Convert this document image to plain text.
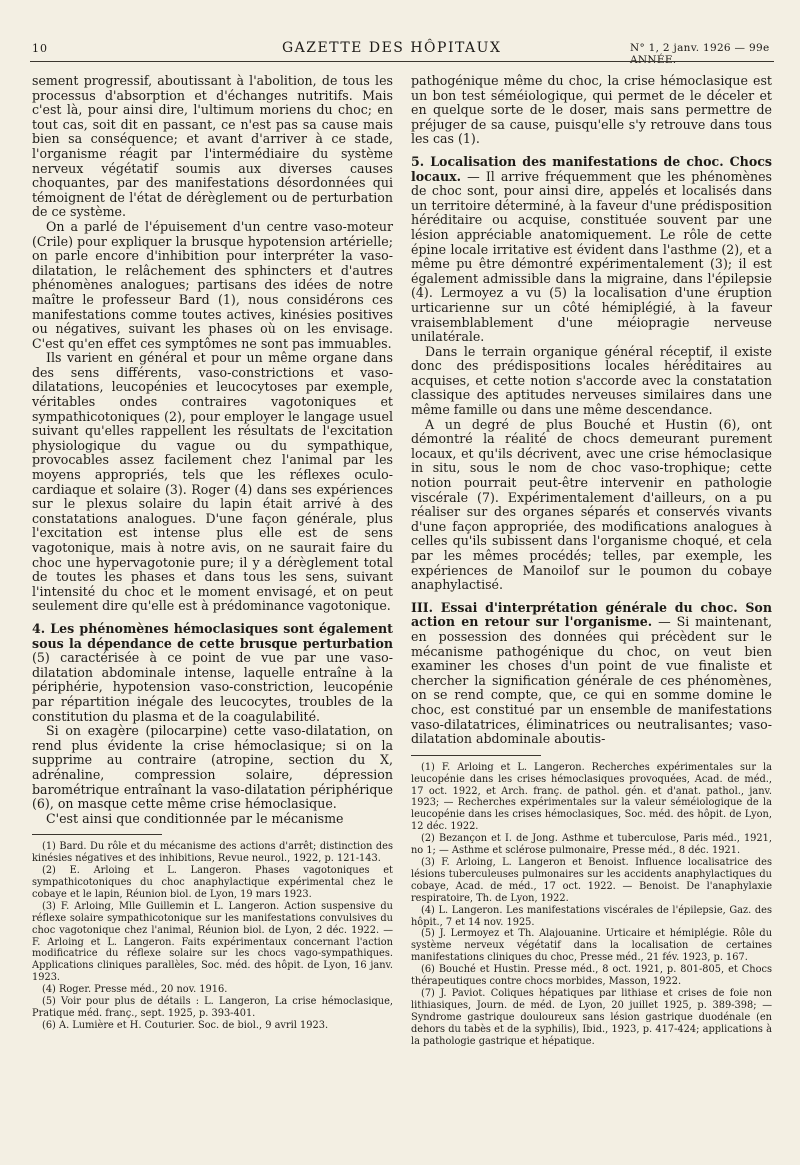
10	GAZETTE DES HÔPITAUX	N° 1, 2 janv. 1926 — 99e ANNÉE.

sement progressif, aboutissant à l'abolition, de tous les processus d'absorption et d'échanges nutritifs. Mais c'est là, pour ainsi dire, l'ultimum moriens du choc; en tout cas, soit dit en passant, ce n'est pas sa cause mais bien sa conséquence; et avant d'arriver à ce stade, l'organisme réagit par l'intermédiaire du système nerveux végétatif soumis aux diverses causes choquantes, par des manifestations désordonnées qui témoignent de l'état de dérèglement ou de perturbation de ce système.

On a parlé de l'épuisement d'un centre vaso-moteur (Crile) pour expliquer la brusque hypotension artérielle; on parle encore d'inhibition pour interpréter la vaso-dilatation, le relâchement des sphincters et d'autres phénomènes analogues; partisans des idées de notre maître le professeur Bard (1), nous considérons ces manifestations comme toutes actives, kinésies positives ou négatives, suivant les phases où on les envisage. C'est qu'en effet ces symptômes ne sont pas immuables.

Ils varient en général et pour un même organe dans des sens différents, vaso-constrictions et vaso-dilatations, leucopénies et leucocytoses par exemple, véritables ondes contraires vagotoniques et sympathicotoniques (2), pour employer le langage usuel suivant qu'elles rappellent les résultats de l'excitation physiologique du vague ou du sympathique, provocables assez facilement chez l'animal par les moyens appropriés, tels que les réflexes oculo-cardiaque et solaire (3). Roger (4) dans ses expériences sur le plexus solaire du lapin était arrivé à des constatations analogues. D'une façon générale, plus l'excitation est intense plus elle est de sens vagotonique, mais à notre avis, on ne saurait faire du choc une hypervagotonie pure; il y a dérèglement total de toutes les phases et dans tous les sens, suivant l'intensité du choc et le moment envisagé, et on peut seulement dire qu'elle est à prédominance vagotonique.

4. Les phénomènes hémoclasiques sont également sous la dépendance de cette brusque perturbation (5) caractérisée à ce point de vue par une vaso-dilatation abdominale intense, laquelle entraîne à la périphérie, hypotension vaso-constriction, leucopénie par répartition inégale des leucocytes, troubles de la constitution du plasma et de la coagulabilité.

Si on exagère (pilocarpine) cette vaso-dilatation, on rend plus évidente la crise hémoclasique; si on la supprime au contraire (atropine, section du X, adrénaline, compression solaire, dépression barométrique entraînant la vaso-dilatation périphérique (6), on masque cette même crise hémoclasique.

C'est ainsi que conditionnée par le mécanisme

(1) Bard. Du rôle et du mécanisme des actions d'arrêt; distinction des kinésies négatives et des inhibitions, Revue neurol., 1922, p. 121-143.

(2) E. Arloing et L. Langeron. Phases vagotoniques et sympathicotoniques du choc anaphylactique expérimental chez le cobaye et le lapin, Réunion biol. de Lyon, 19 mars 1923.

(3) F. Arloing, Mlle Guillemin et L. Langeron. Action suspensive du réflexe solaire sympathicotonique sur les manifestations convulsives du choc vagotonique chez l'animal, Réunion biol. de Lyon, 2 déc. 1922. — F. Arloing et L. Langeron. Faits expérimentaux concernant l'action modificatrice du réflexe solaire sur les chocs vago-sympathiques. Applications cliniques parallèles, Soc. méd. des hôpit. de Lyon, 16 janv. 1923.

(4) Roger. Presse méd., 20 nov. 1916.

(5) Voir pour plus de détails : L. Langeron, La crise hémoclasique, Pratique méd. franç., sept. 1925, p. 393-401.

(6) A. Lumière et H. Couturier. Soc. de biol., 9 avril 1923.

pathogénique même du choc, la crise hémoclasique est un bon test séméiologique, qui permet de le déceler et en quelque sorte de le doser, mais sans permettre de préjuger de sa cause, puisqu'elle s'y retrouve dans tous les cas (1).

5. Localisation des manifestations de choc. Chocs locaux. — Il arrive fréquemment que les phénomènes de choc sont, pour ainsi dire, appelés et localisés dans un territoire déterminé, à la faveur d'une prédisposition héréditaire ou acquise, constituée souvent par une lésion appréciable anatomiquement. Le rôle de cette épine locale irritative est évident dans l'asthme (2), et a même pu être démontré expérimentalement (3); il est également admissible dans la migraine, dans l'épilepsie (4). Lermoyez a vu (5) la localisation d'une éruption urticarienne sur un côté hémiplégié, à la faveur vraisemblablement d'une méiopragie nerveuse unilatérale.

Dans le terrain organique général réceptif, il existe donc des prédispositions locales héréditaires au acquises, et cette notion s'accorde avec la constatation classique des aptitudes nerveuses similaires dans une même famille ou dans une même descendance.

A un degré de plus Bouché et Hustin (6), ont démontré la réalité de chocs demeurant purement locaux, et qu'ils décrivent, avec une crise hémoclasique in situ, sous le nom de choc vaso-trophique; cette notion pourrait peut-être intervenir en pathologie viscérale (7). Expérimentalement d'ailleurs, on a pu réaliser sur des organes séparés et conservés vivants d'une façon appropriée, des modifications analogues à celles qu'ils subissent dans l'organisme choqué, et cela par les mêmes procédés; telles, par exemple, les expériences de Manoilof sur le poumon du cobaye anaphylactisé.

III. Essai d'interprétation générale du choc. Son action en retour sur l'organisme. — Si maintenant, en possession des données qui précèdent sur le mécanisme pathogénique du choc, on veut bien examiner les choses d'un point de vue finaliste et chercher la signification générale de ces phénomènes, on se rend compte, que, ce qui en somme domine le choc, est constitué par un ensemble de manifestations vaso-dilatatrices, éliminatrices ou neutralisantes; vaso-dilatation abdominale aboutis-

(1) F. Arloing et L. Langeron. Recherches expérimentales sur la leucopénie dans les crises hémoclasiques provoquées, Acad. de méd., 17 oct. 1922, et Arch. franç. de pathol. gén. et d'anat. pathol., janv. 1923; — Recherches expérimentales sur la valeur séméiologique de la leucopénie dans les crises hémoclasiques, Soc. méd. des hôpit. de Lyon, 12 déc. 1922.

(2) Bezançon et I. de Jong. Asthme et tuberculose, Paris méd., 1921, no 1; — Asthme et sclérose pulmonaire, Presse méd., 8 déc. 1921.

(3) F. Arloing, L. Langeron et Benoist. Influence localisatrice des lésions tuberculeuses pulmonaires sur les accidents anaphylactiques du cobaye, Acad. de méd., 17 oct. 1922. — Benoist. De l'anaphylaxie respiratoire, Th. de Lyon, 1922.

(4) L. Langeron. Les manifestations viscérales de l'épilepsie, Gaz. des hôpit., 7 et 14 nov. 1925.

(5) J. Lermoyez et Th. Alajouanine. Urticaire et hémiplégie. Rôle du système nerveux végétatif dans la localisation de certaines manifestations cliniques du choc, Presse méd., 21 fév. 1923, p. 167.

(6) Bouché et Hustin. Presse méd., 8 oct. 1921, p. 801-805, et Chocs thérapeutiques contre chocs morbides, Masson, 1922.

(7) J. Paviot. Coliques hépatiques par lithiase et crises de foie non lithiasiques, Journ. de méd. de Lyon, 20 juillet 1925, p. 389-398; — Syndrome gastrique douloureux sans lésion gastrique duodénale (en dehors du tabès et de la syphilis), Ibid., 1923, p. 417-424; applications à la pathologie gastrique et hépatique.
